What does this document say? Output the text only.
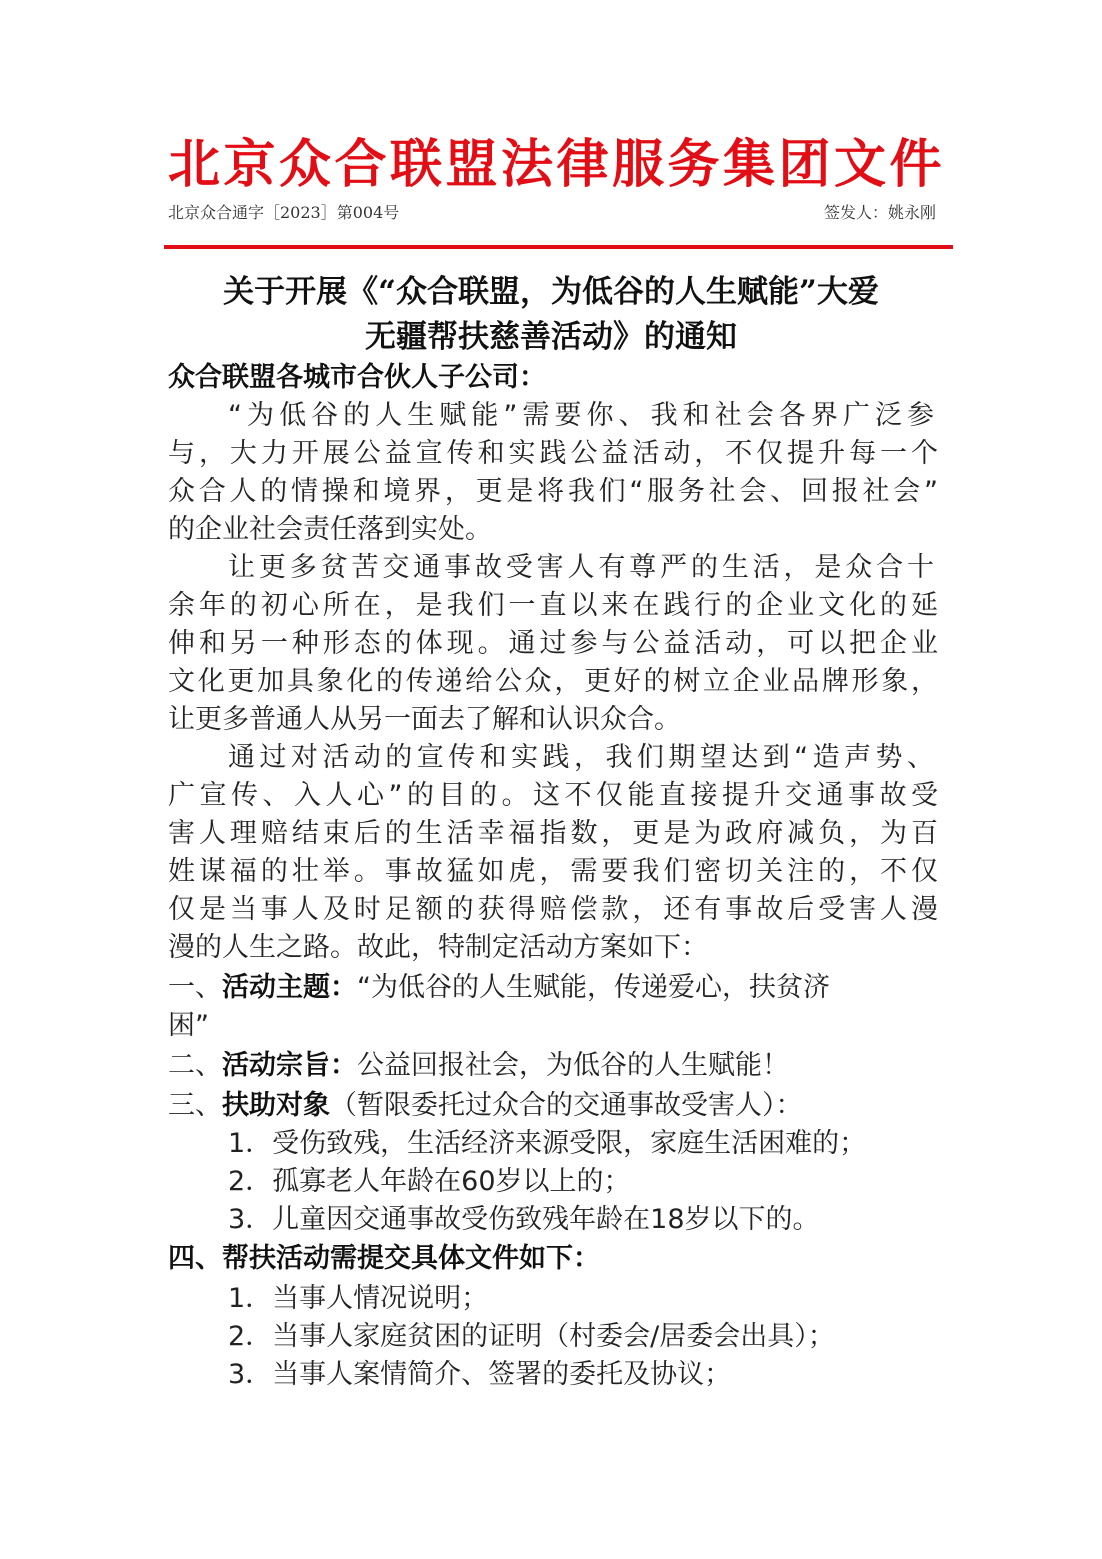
北京众合联盟法律服务集团文件
北京众合通字［2023］第004号	签发人：姚永刚
关于开展《“众合联盟，为低谷的人生赋能”大爱
无疆帮扶慈善活动》的通知
众合联盟各城市合伙人子公司：
“为低谷的人生赋能”需要你、我和社会各界广泛参
与，大力开展公益宣传和实践公益活动，不仅提升每一个
众合人的情操和境界，更是将我们“服务社会、回报社会”
的企业社会责任落到实处。
让更多贫苦交通事故受害人有尊严的生活，是众合十
余年的初心所在，是我们一直以来在践行的企业文化的延
伸和另一种形态的体现。通过参与公益活动，可以把企业
文化更加具象化的传递给公众，更好的树立企业品牌形象，
让更多普通人从另一面去了解和认识众合。
通过对活动的宣传和实践，我们期望达到“造声势、
广宣传、入人心”的目的。这不仅能直接提升交通事故受
害人理赔结束后的生活幸福指数，更是为政府减负，为百
姓谋福的壮举。事故猛如虎，需要我们密切关注的，不仅
仅是当事人及时足额的获得赔偿款，还有事故后受害人漫
漫的人生之路。故此，特制定活动方案如下：
一、活动主题：“为低谷的人生赋能，传递爱心，扶贫济
困”
二、活动宗旨：公益回报社会，为低谷的人生赋能！
三、扶助对象（暂限委托过众合的交通事故受害人）：
1．受伤致残，生活经济来源受限，家庭生活困难的；
2．孤寡老人年龄在60岁以上的；
3．儿童因交通事故受伤致残年龄在18岁以下的。
四、帮扶活动需提交具体文件如下：
1．当事人情况说明；
2．当事人家庭贫困的证明（村委会/居委会出具）；
3．当事人案情简介、签署的委托及协议；
